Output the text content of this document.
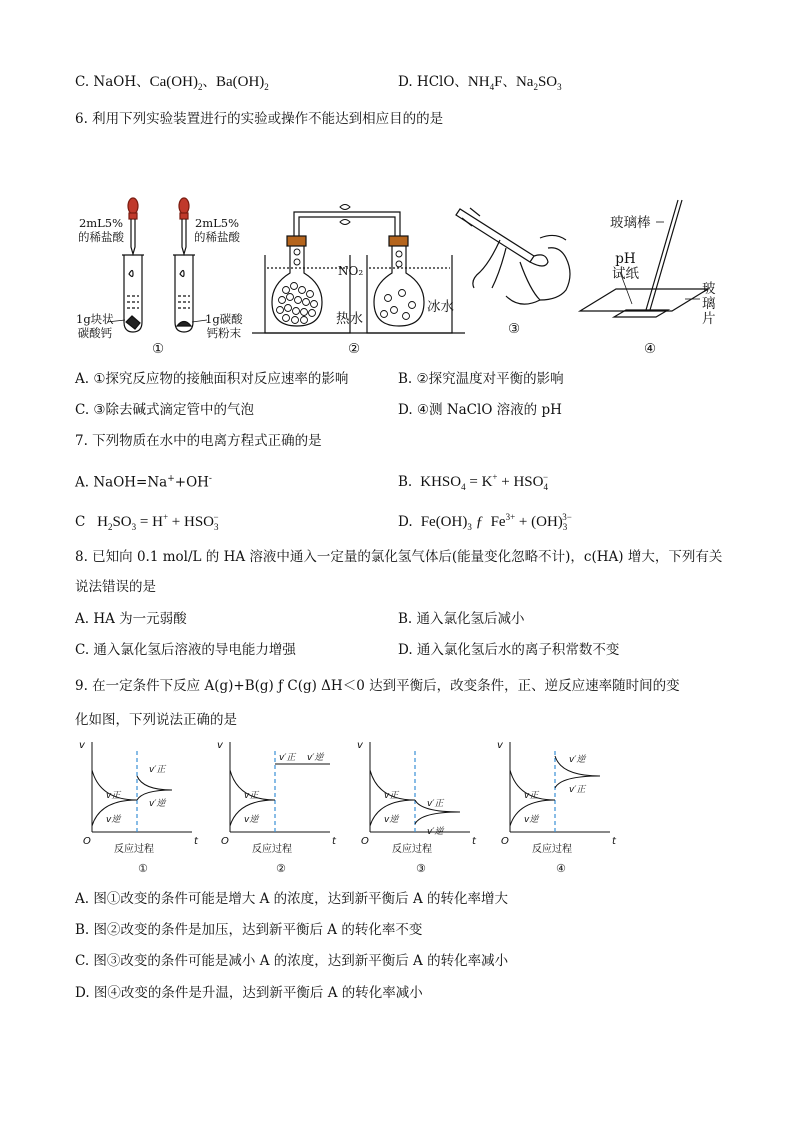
C. NaOH、$Ca(OH)_2$、$Ba(OH)_2$	D. HClO、$NH_4F$、$Na_2SO_3$
6. 利用下列实验装置进行的实验或操作不能达到相应目的的是
2mL5%
的稀盐酸
2mL5%
的稀盐酸
1g块状
碳酸钙
1g碳酸
钙粉末
①
NO₂
热水
冰水
②
③
玻璃棒
pH
试纸
玻
璃
片
④
A. ①探究反应物的接触面积对反应速率的影响	B. ②探究温度对平衡的影响
C. ③除去碱式滴定管中的气泡	D. ④测 NaClO 溶液的 pH
7. 下列物质在水中的电离方程式正确的是
A. NaOH=Na++OH-	B.  $KHSO_4 = K^+ + HSO_4^-$
C   $H_2SO_3 = H^+ + HSO_3^-$	D.  $Fe(OH)_3$ ƒ  $Fe^{3+} + (OH)_3^{3-}$
8. 已知向 0.1 mol/L 的 HA 溶液中通入一定量的氯化氢气体后(能量变化忽略不计)，c(HA) 增大，下列有关
说法错误的是
A. HA 为一元弱酸	B. 通入氯化氢后减小
C. 通入氯化氢后溶液的导电能力增强	D. 通入氯化氢后水的离子积常数不变
9. 在一定条件下反应 A(g)+B(g) ƒ C(g) ΔH＜0 达到平衡后，改变条件，正、逆反应速率随时间的变
化如图，下列说法正确的是
v
O	t
反应过程
①
v正
v逆
v′正
v′逆
v
O	t
反应过程
②
v正
v逆
v′正 v′逆
v
O	t
反应过程
③
v正
v逆
v′正
v′逆
v
O	t
反应过程
④
v正
v逆
v′逆
v′正
A. 图①改变的条件可能是增大 A 的浓度，达到新平衡后 A 的转化率增大
B. 图②改变的条件是加压，达到新平衡后 A 的转化率不变
C. 图③改变的条件可能是减小 A 的浓度，达到新平衡后 A 的转化率减小
D. 图④改变的条件是升温，达到新平衡后 A 的转化率减小
